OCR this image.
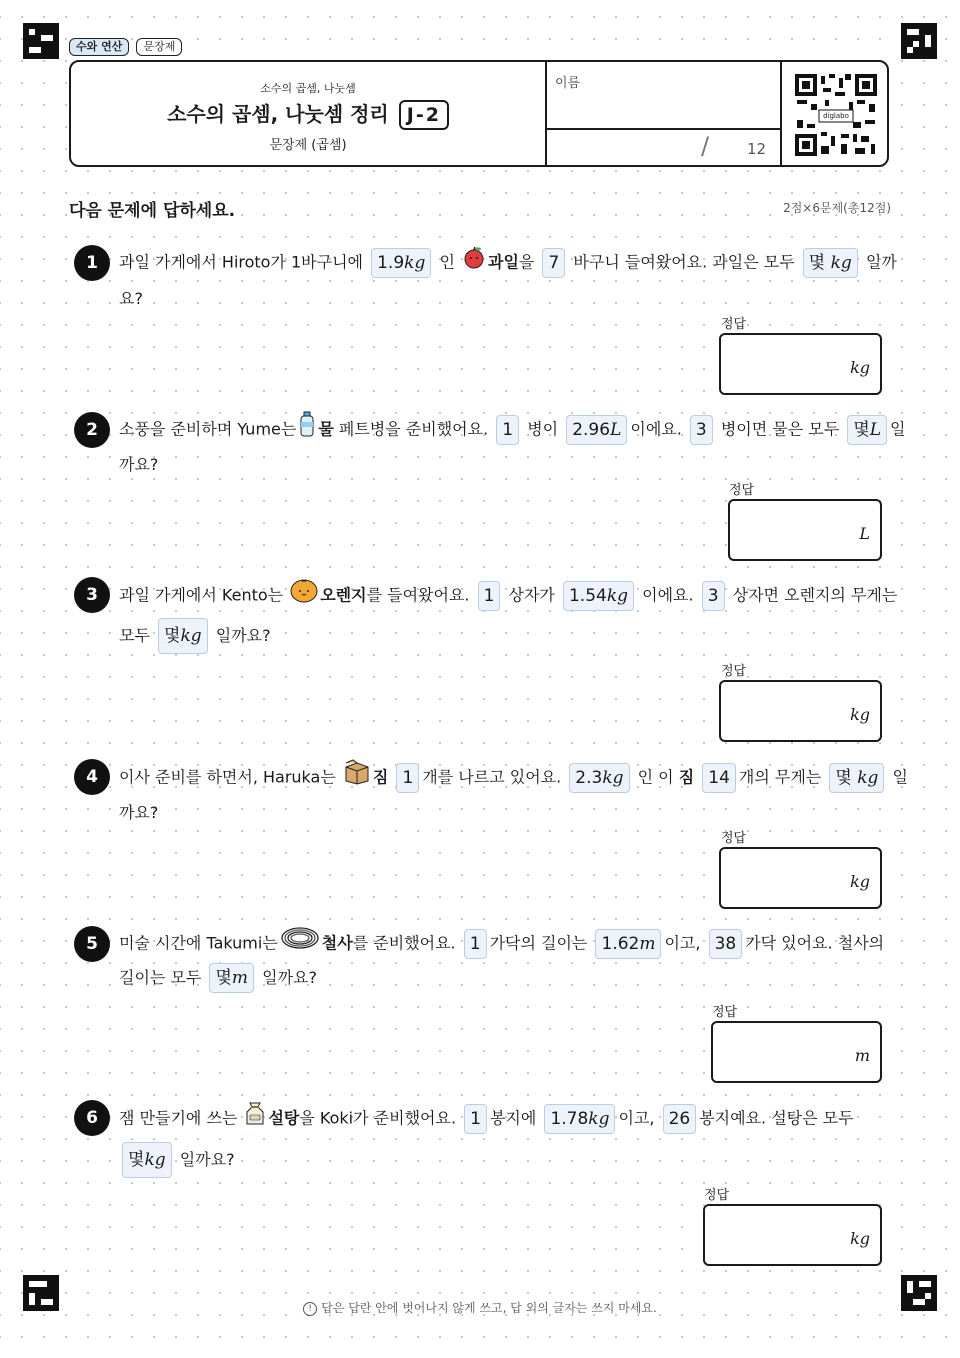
수와 연산 문장제
소수의 곱셈, 나눗셈
소수의 곱셈, 나눗셈 정리 J-2
문장제 (곱셈)
이름
/	12
diglabo
다음 문제에 답하세요.	2점×6문제(총12점)
1	과일 가게에서 Hiroto가 1바구니에 1.9kg 인 과일을 7 바구니 들여왔어요. 과일은 모두 몇 kg 일까
요?
정답
kg
2	소풍을 준비하며 Yume는 물 페트병을 준비했어요. 1 병이 2.96L 이에요. 3 병이면 물은 모두 몇L 일
까요?
정답
L
3	과일 가게에서 Kento는 오렌지를 들여왔어요. 1 상자가 1.54kg 이에요. 3 상자면 오렌지의 무게는
모두 몇kg 일까요?
정답
kg
4	이사 준비를 하면서, Haruka는 짐 1 개를 나르고 있어요. 2.3kg 인 이 짐 14 개의 무게는 몇 kg 일
까요?
정답
kg
5	미술 시간에 Takumi는	철사를 준비했어요. 1 가닥의 길이는 1.62m 이고, 38 가닥 있어요. 철사의
길이는 모두 몇m 일까요?
정답
m
6	잼 만들기에 쓰는 설탕을 Koki가 준비했어요. 1 봉지에 1.78kg 이고, 26 봉지예요. 설탕은 모두
몇kg 일까요?
정답
kg
! 답은 답란 안에 벗어나지 않게 쓰고, 답 외의 글자는 쓰지 마세요.
